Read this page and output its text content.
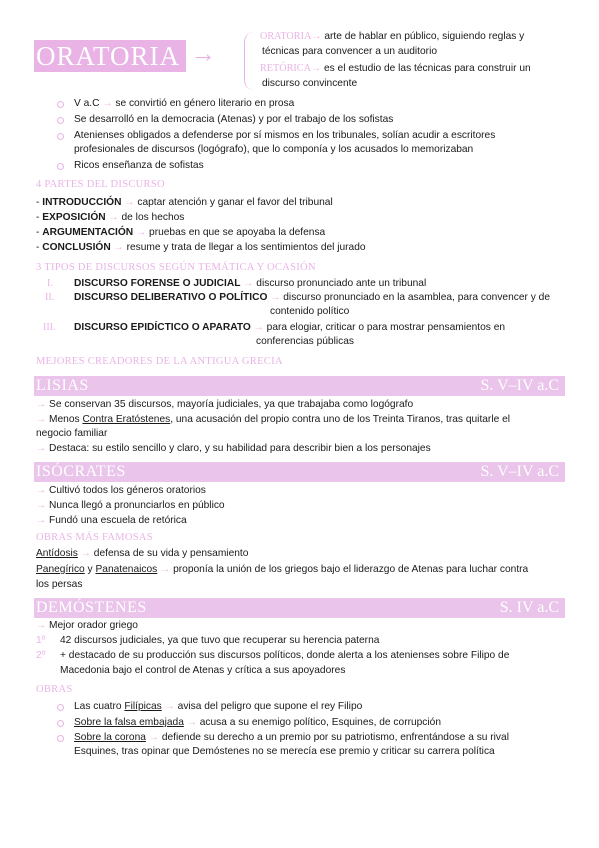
ORATORIA →
ORATORIA→ arte de hablar en público, siguiendo reglas y
técnicas para convencer a un auditorio
RETÓRICA→ es el estudio de las técnicas para construir un
discurso convincente
V a.C → se convirtió en género literario en prosa
Se desarrolló en la democracia (Atenas) y por el trabajo de los sofistas
Atenienses obligados a defenderse por sí mismos en los tribunales, solían acudir a escritores
profesionales de discursos (logógrafo), que lo componía y los acusados lo memorizaban
Ricos enseñanza de sofistas
4 PARTES DEL DISCURSO
- INTRODUCCIÓN → captar atención y ganar el favor del tribunal
- EXPOSICIÓN → de los hechos
- ARGUMENTACIÓN → pruebas en que se apoyaba la defensa
- CONCLUSIÓN → resume y trata de llegar a los sentimientos del jurado
3 TIPOS DE DISCURSOS SEGÚN TEMÁTICA Y OCASIÓN
I. DISCURSO FORENSE O JUDICIAL → discurso pronunciado ante un tribunal
II. DISCURSO DELIBERATIVO O POLÍTICO → discurso pronunciado en la asamblea, para convencer y de
contenido político
III. DISCURSO EPIDÍCTICO O APARATO → para elogiar, criticar o para mostrar pensamientos en
conferencias públicas
MEJORES CREADORES DE LA ANTIGUA GRECIA
LISIAS	S. V–IV a.C
→ Se conservan 35 discursos, mayoría judiciales, ya que trabajaba como logógrafo
→ Menos Contra Eratóstenes, una acusación del propio contra uno de los Treinta Tiranos, tras quitarle el
negocio familiar
→ Destaca: su estilo sencillo y claro, y su habilidad para describir bien a los personajes
ISÓCRATES	S. V–IV a.C
→ Cultivó todos los géneros oratorios
→ Nunca llegó a pronunciarlos en público
→ Fundó una escuela de retórica
OBRAS MÁS FAMOSAS
Antídosis → defensa de su vida y pensamiento
Panegírico y Panatenaicos → proponía la unión de los griegos bajo el liderazgo de Atenas para luchar contra
los persas
DEMÓSTENES	S. IV a.C
→ Mejor orador griego
1º 42 discursos judiciales, ya que tuvo que recuperar su herencia paterna
2º + destacado de su producción sus discursos políticos, donde alerta a los atenienses sobre Filipo de
Macedonia bajo el control de Atenas y crítica a sus apoyadores
OBRAS
Las cuatro Filípicas → avisa del peligro que supone el rey Filipo
Sobre la falsa embajada → acusa a su enemigo político, Esquines, de corrupción
Sobre la corona → defiende su derecho a un premio por su patriotismo, enfrentándose a su rival
Esquines, tras opinar que Demóstenes no se merecía ese premio y criticar su carrera política
